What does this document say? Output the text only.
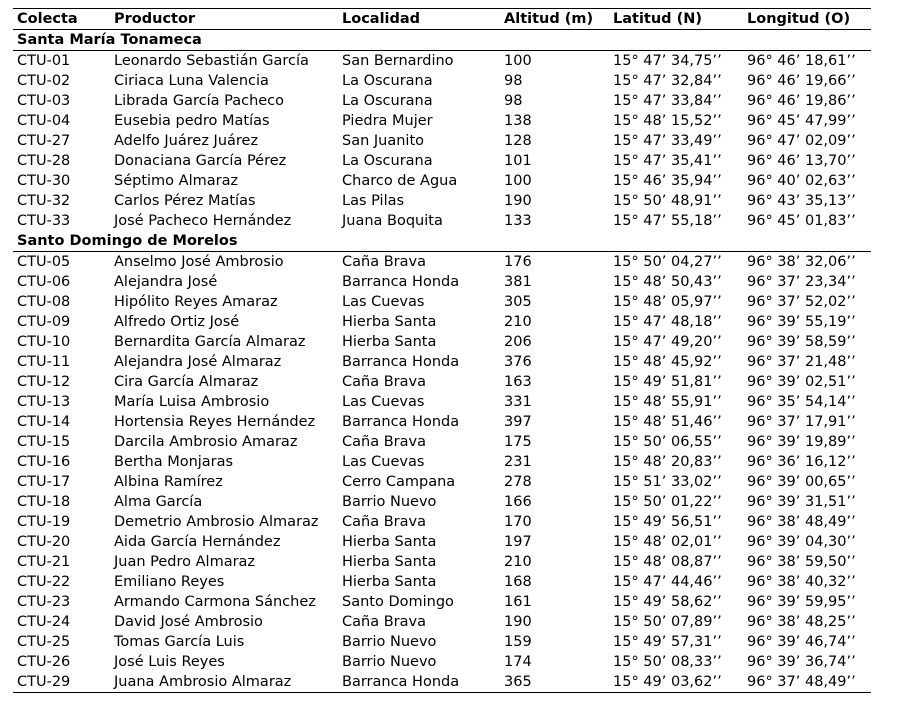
Colecta	Productor	Localidad	Altitud (m)	Latitud (N)	Longitud (O)
Santa María Tonameca					
CTU-01	Leonardo Sebastián García	San Bernardino	100	15° 47’ 34,75’’	96° 46’ 18,61’’
CTU-02	Ciriaca Luna Valencia	La Oscurana	98	15° 47’ 32,84’’	96° 46’ 19,66’’
CTU-03	Librada García Pacheco	La Oscurana	98	15° 47’ 33,84’’	96° 46’ 19,86’’
CTU-04	Eusebia pedro Matías	Piedra Mujer	138	15° 48’ 15,52’’	96° 45’ 47,99’’
CTU-27	Adelfo Juárez Juárez	San Juanito	128	15° 47’ 33,49’’	96° 47’ 02,09’’
CTU-28	Donaciana García Pérez	La Oscurana	101	15° 47’ 35,41’’	96° 46’ 13,70’’
CTU-30	Séptimo Almaraz	Charco de Agua	100	15° 46’ 35,94’’	96° 40’ 02,63’’
CTU-32	Carlos Pérez Matías	Las Pilas	190	15° 50’ 48,91’’	96° 43’ 35,13’’
CTU-33	José Pacheco Hernández	Juana Boquita	133	15° 47’ 55,18’’	96° 45’ 01,83’’
Santo Domingo de Morelos					
CTU-05	Anselmo José Ambrosio	Caña Brava	176	15° 50’ 04,27’’	96° 38’ 32,06’’
CTU-06	Alejandra José	Barranca Honda	381	15° 48’ 50,43’’	96° 37’ 23,34’’
CTU-08	Hipólito Reyes Amaraz	Las Cuevas	305	15° 48’ 05,97’’	96° 37’ 52,02’’
CTU-09	Alfredo Ortiz José	Hierba Santa	210	15° 47’ 48,18’’	96° 39’ 55,19’’
CTU-10	Bernardita García Almaraz	Hierba Santa	206	15° 47’ 49,20’’	96° 39’ 58,59’’
CTU-11	Alejandra José Almaraz	Barranca Honda	376	15° 48’ 45,92’’	96° 37’ 21,48’’
CTU-12	Cira García Almaraz	Caña Brava	163	15° 49’ 51,81’’	96° 39’ 02,51’’
CTU-13	María Luisa Ambrosio	Las Cuevas	331	15° 48’ 55,91’’	96° 35’ 54,14’’
CTU-14	Hortensia Reyes Hernández	Barranca Honda	397	15° 48’ 51,46’’	96° 37’ 17,91’’
CTU-15	Darcila Ambrosio Amaraz	Caña Brava	175	15° 50’ 06,55’’	96° 39’ 19,89’’
CTU-16	Bertha Monjaras	Las Cuevas	231	15° 48’ 20,83’’	96° 36’ 16,12’’
CTU-17	Albina Ramírez	Cerro Campana	278	15° 51’ 33,02’’	96° 39’ 00,65’’
CTU-18	Alma García	Barrio Nuevo	166	15° 50’ 01,22’’	96° 39’ 31,51’’
CTU-19	Demetrio Ambrosio Almaraz	Caña Brava	170	15° 49’ 56,51’’	96° 38’ 48,49’’
CTU-20	Aida García Hernández	Hierba Santa	197	15° 48’ 02,01’’	96° 39’ 04,30’’
CTU-21	Juan Pedro Almaraz	Hierba Santa	210	15° 48’ 08,87’’	96° 38’ 59,50’’
CTU-22	Emiliano Reyes	Hierba Santa	168	15° 47’ 44,46’’	96° 38’ 40,32’’
CTU-23	Armando Carmona Sánchez	Santo Domingo	161	15° 49’ 58,62’’	96° 39’ 59,95’’
CTU-24	David José Ambrosio	Caña Brava	190	15° 50’ 07,89’’	96° 38’ 48,25’’
CTU-25	Tomas García Luis	Barrio Nuevo	159	15° 49’ 57,31’’	96° 39’ 46,74’’
CTU-26	José Luis Reyes	Barrio Nuevo	174	15° 50’ 08,33’’	96° 39’ 36,74’’
CTU-29	Juana Ambrosio Almaraz	Barranca Honda	365	15° 49’ 03,62’’	96° 37’ 48,49’’
